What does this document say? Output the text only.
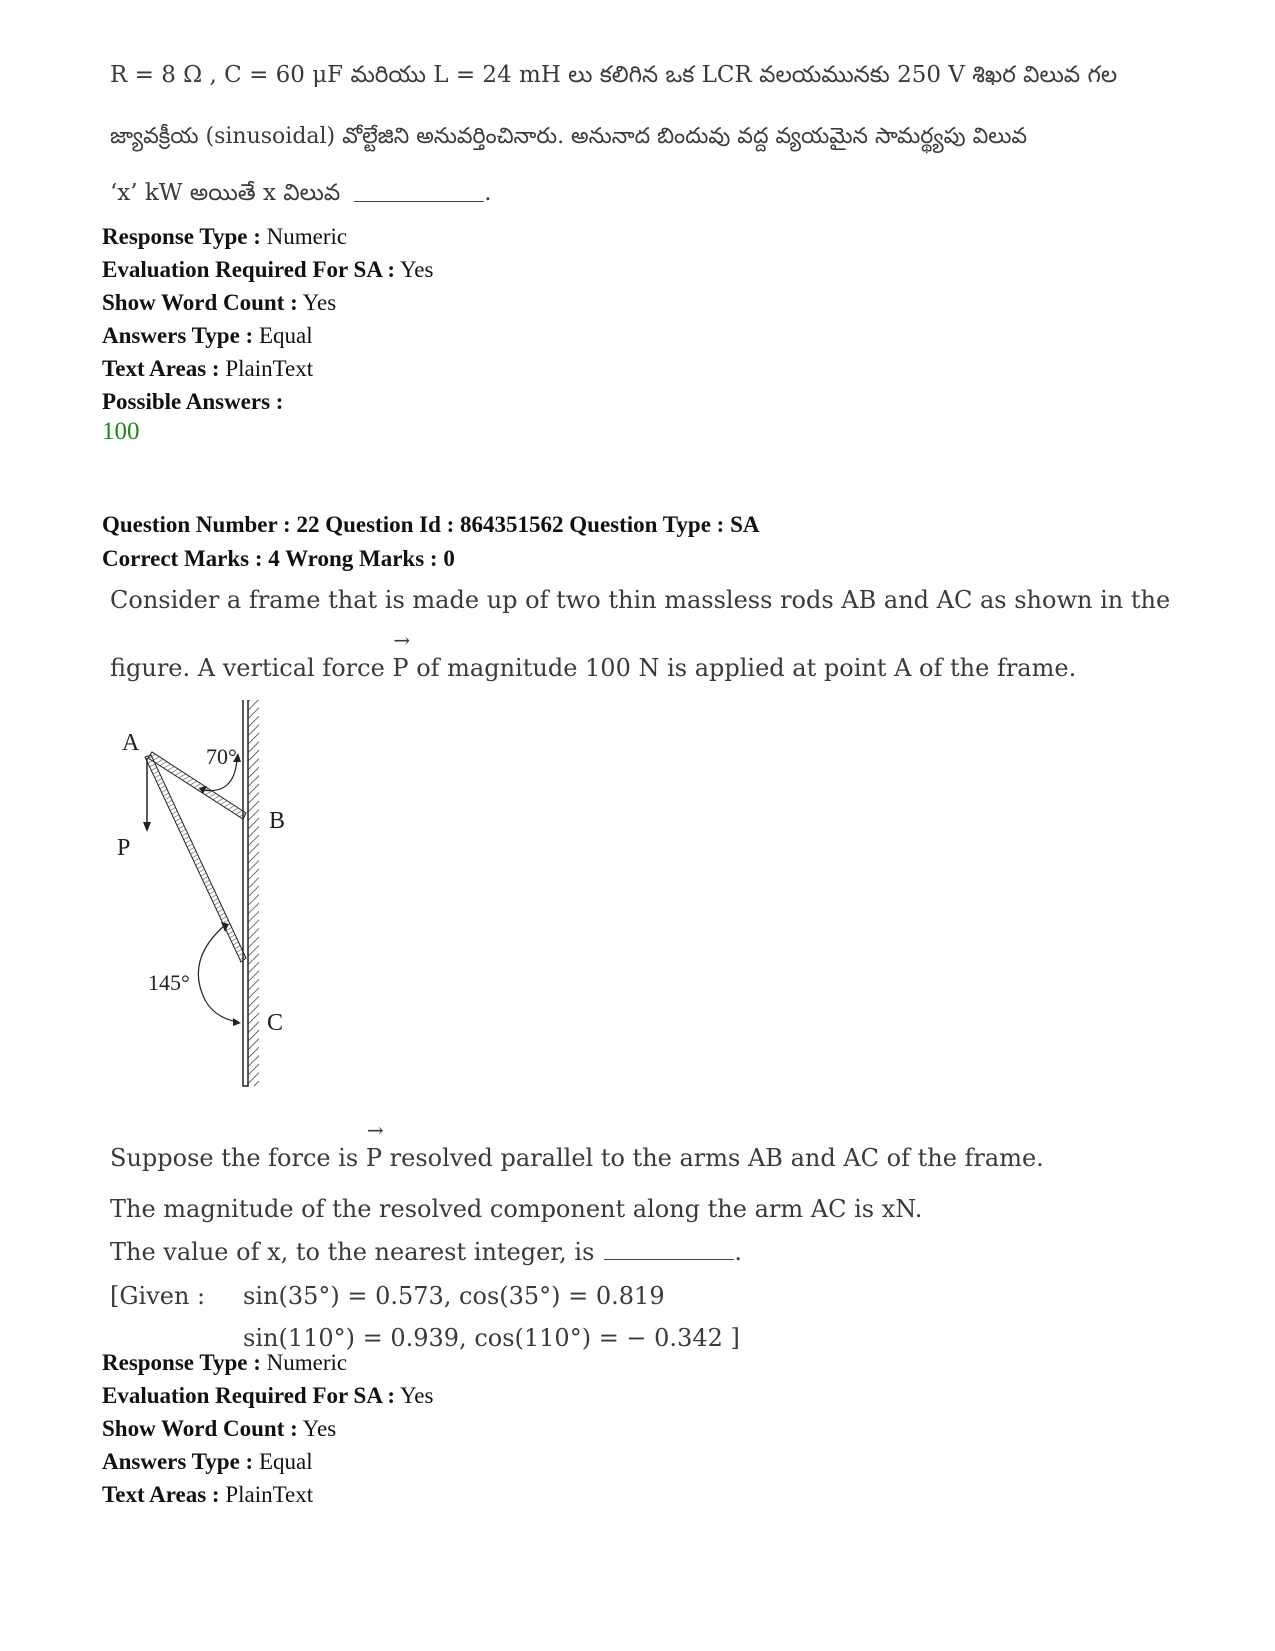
R = 8 Ω , C = 60 μF మరియు L = 24 mH లు కలిగిన ఒక LCR వలయమునకు 250 V శిఖర విలువ గల
జ్యావక్రీయ (sinusoidal) వోల్టేజిని అనువర్తించినారు. అనునాద బిందువు వద్ద వ్యయమైన సామర్థ్యపు విలువ
‘x’ kW అయితే x విలువ	.
Response Type : Numeric
Evaluation Required For SA : Yes
Show Word Count : Yes
Answers Type : Equal
Text Areas : PlainText
Possible Answers :
100
Question Number : 22 Question Id : 864351562 Question Type : SA
Correct Marks : 4 Wrong Marks : 0
Consider a frame that is made up of two thin massless rods AB and AC as shown in the
figure. A vertical force
→
P of magnitude 100 N is applied at point A of the frame.
A
B
C
P
70°
145°
Suppose the force is
→
P resolved parallel to the arms AB and AC of the frame.
The magnitude of the resolved component along the arm AC is xN.
The value of x, to the nearest integer, is	.
[Given : sin(35°) = 0.573, cos(35°) = 0.819
sin(110°) = 0.939, cos(110°) = − 0.342 ]
Response Type : Numeric
Evaluation Required For SA : Yes
Show Word Count : Yes
Answers Type : Equal
Text Areas : PlainText
